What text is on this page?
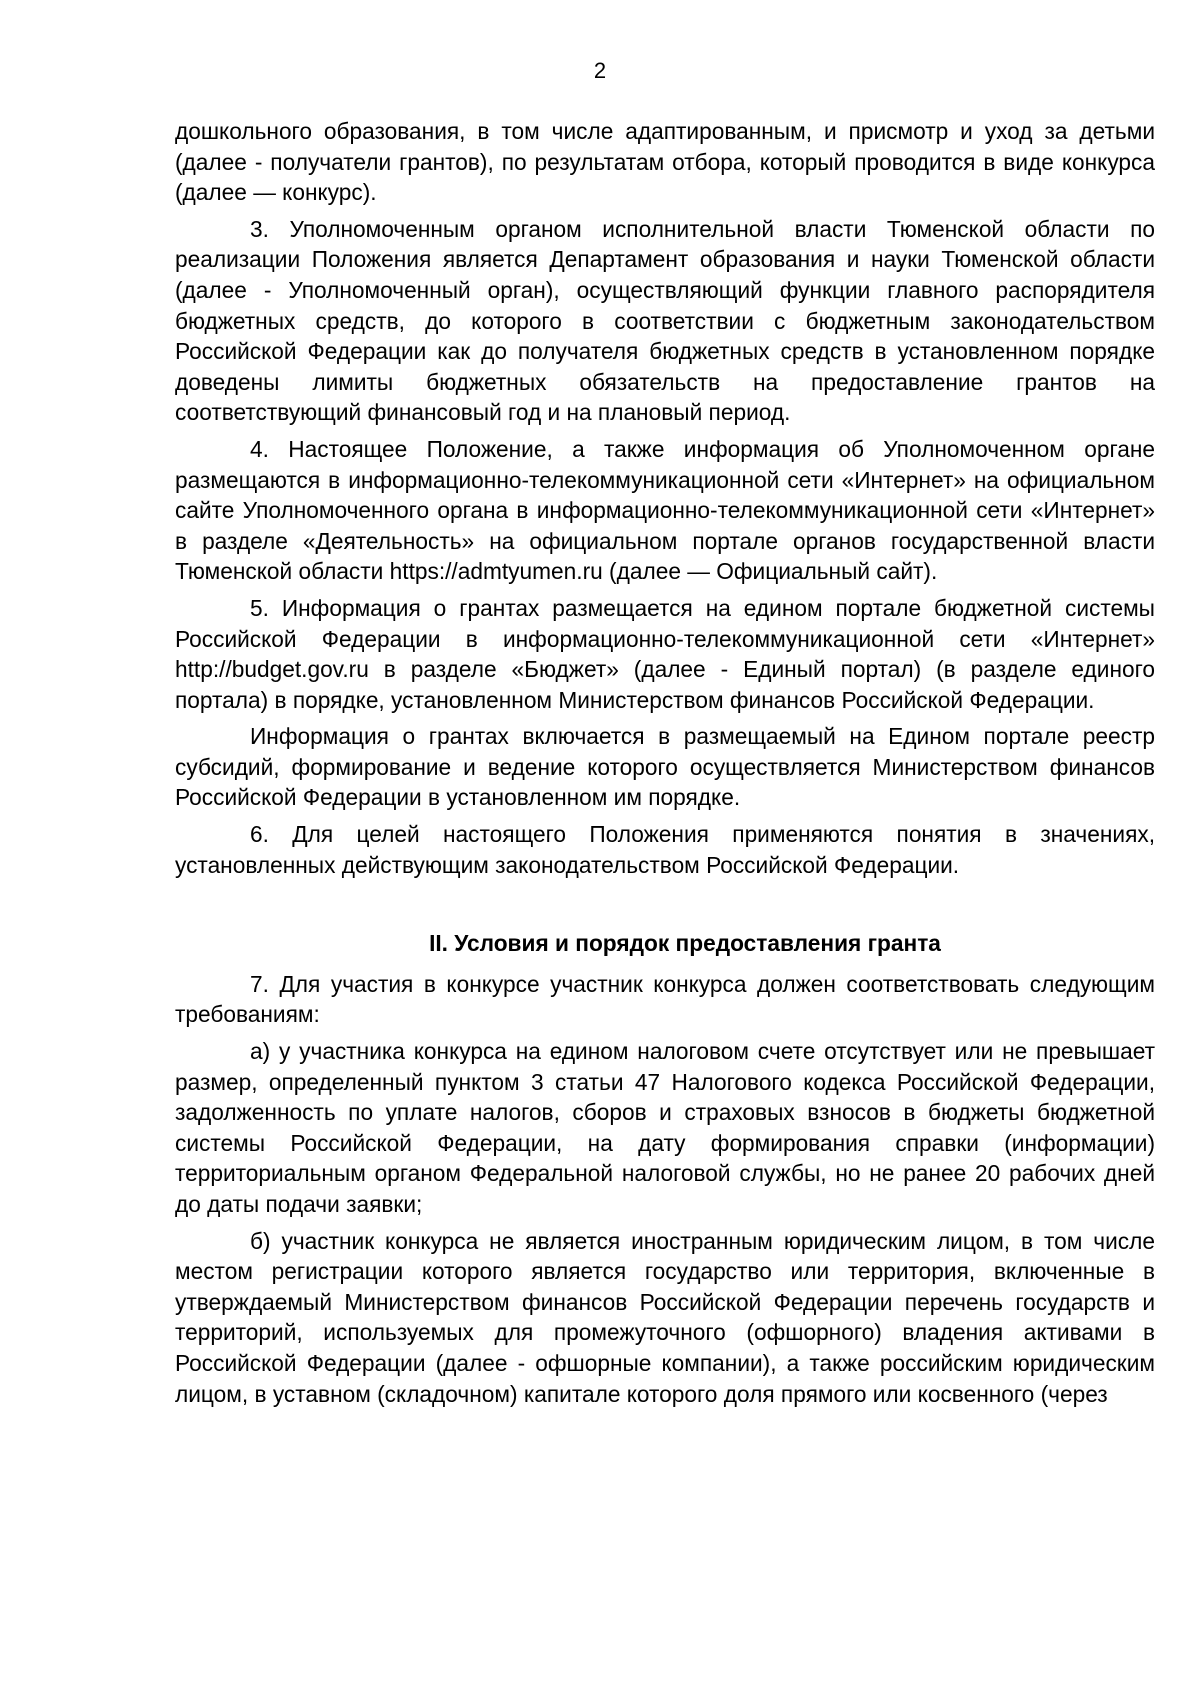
2

дошкольного образования, в том числе адаптированным, и присмотр и уход за детьми (далее - получатели грантов), по результатам отбора, который проводится в виде конкурса (далее — конкурс).

3. Уполномоченным органом исполнительной власти Тюменской области по реализации Положения является Департамент образования и науки Тюменской области (далее - Уполномоченный орган), осуществляющий функции главного распорядителя бюджетных средств, до которого в соответствии с бюджетным законодательством Российской Федерации как до получателя бюджетных средств в установленном порядке доведены лимиты бюджетных обязательств на предоставление грантов на соответствующий финансовый год и на плановый период.

4. Настоящее Положение, а также информация об Уполномоченном органе размещаются в информационно-телекоммуникационной сети «Интернет» на официальном сайте Уполномоченного органа в информационно-телекоммуникационной сети «Интернет» в разделе «Деятельность» на официальном портале органов государственной власти Тюменской области https://admtyumen.ru (далее — Официальный сайт).

5. Информация о грантах размещается на едином портале бюджетной системы Российской Федерации в информационно-телекоммуникационной сети «Интернет» http://budget.gov.ru в разделе «Бюджет» (далее - Единый портал) (в разделе единого портала) в порядке, установленном Министерством финансов Российской Федерации.

Информация о грантах включается в размещаемый на Едином портале реестр субсидий, формирование и ведение которого осуществляется Министерством финансов Российской Федерации в установленном им порядке.

6. Для целей настоящего Положения применяются понятия в значениях, установленных действующим законодательством Российской Федерации.

II. Условия и порядок предоставления гранта

7. Для участия в конкурсе участник конкурса должен соответствовать следующим требованиям:

а) у участника конкурса на едином налоговом счете отсутствует или не превышает размер, определенный пунктом 3 статьи 47 Налогового кодекса Российской Федерации, задолженность по уплате налогов, сборов и страховых взносов в бюджеты бюджетной системы Российской Федерации, на дату формирования справки (информации) территориальным органом Федеральной налоговой службы, но не ранее 20 рабочих дней до даты подачи заявки;

б) участник конкурса не является иностранным юридическим лицом, в том числе местом регистрации которого является государство или территория, включенные в утверждаемый Министерством финансов Российской Федерации перечень государств и территорий, используемых для промежуточного (офшорного) владения активами в Российской Федерации (далее - офшорные компании), а также российским юридическим лицом, в уставном (складочном) капитале которого доля прямого или косвенного (через
